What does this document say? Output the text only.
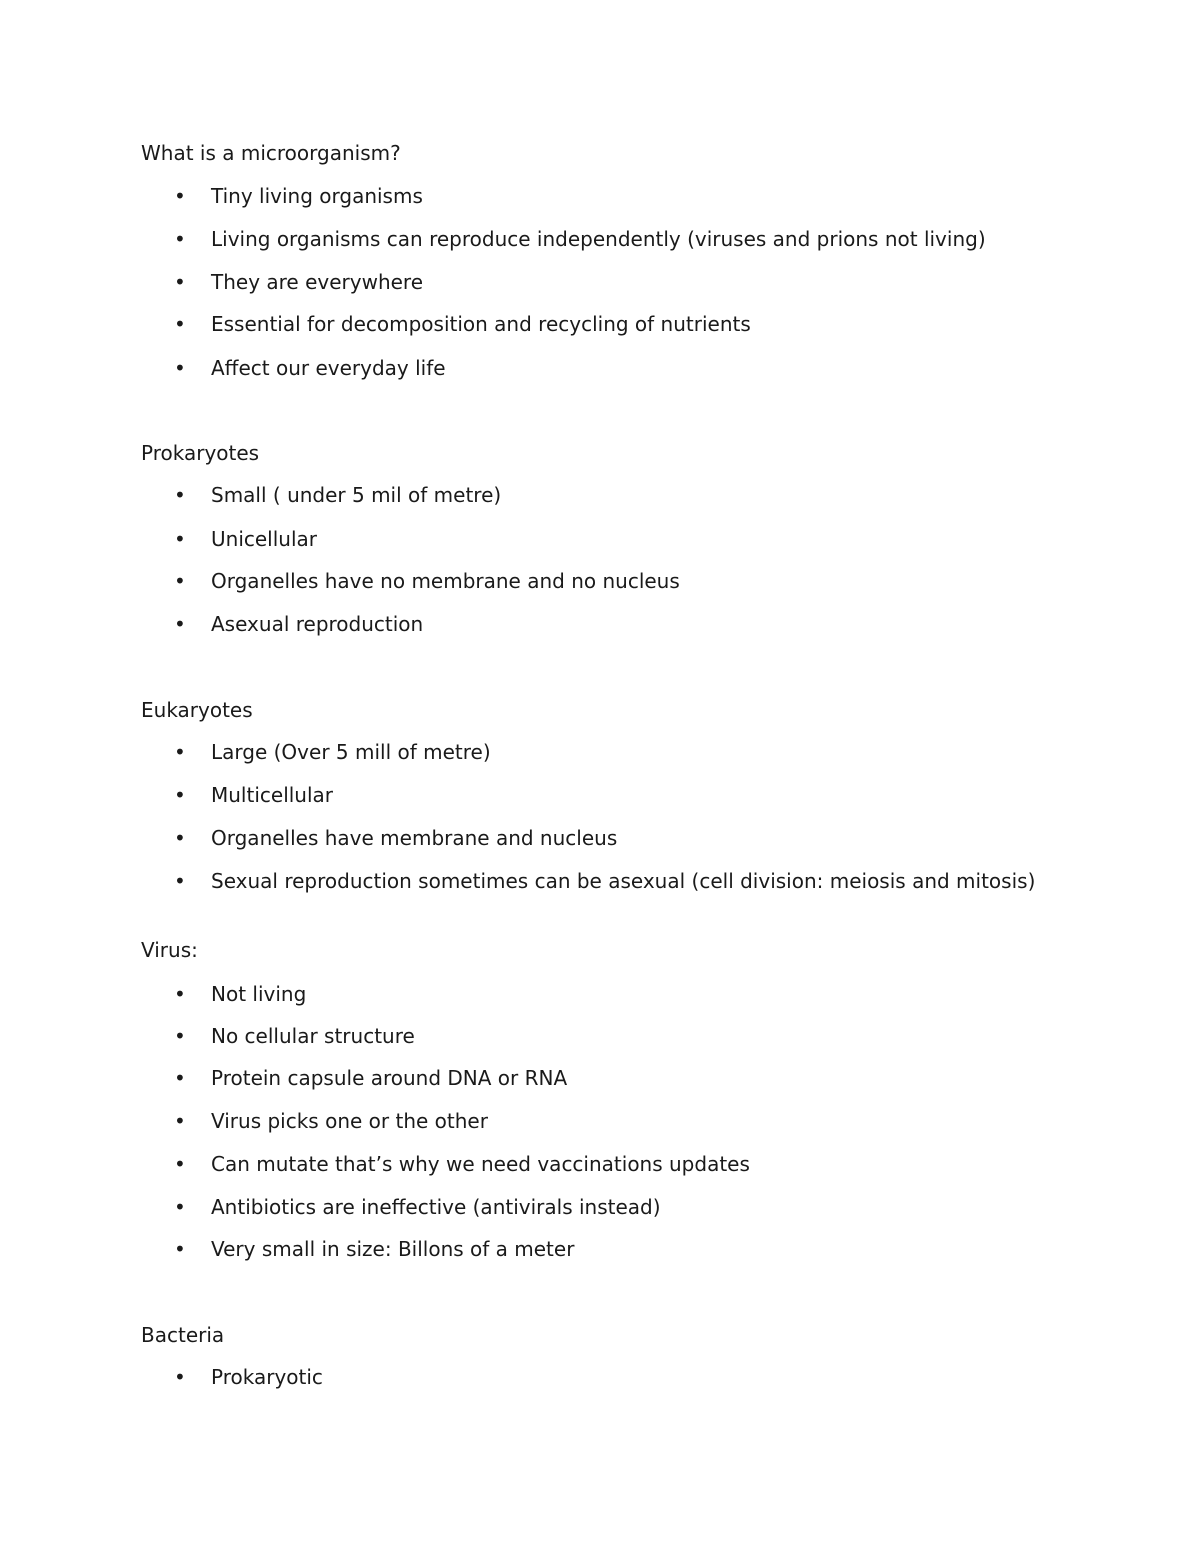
What is a microorganism?
• Tiny living organisms
• Living organisms can reproduce independently (viruses and prions not living)
• They are everywhere
• Essential for decomposition and recycling of nutrients
• Affect our everyday life
Prokaryotes
• Small ( under 5 mil of metre)
• Unicellular
• Organelles have no membrane and no nucleus
• Asexual reproduction
Eukaryotes
• Large (Over 5 mill of metre)
• Multicellular
• Organelles have membrane and nucleus
• Sexual reproduction sometimes can be asexual (cell division: meiosis and mitosis)
Virus:
• Not living
• No cellular structure
• Protein capsule around DNA or RNA
• Virus picks one or the other
• Can mutate that’s why we need vaccinations updates
• Antibiotics are ineffective (antivirals instead)
• Very small in size: Billons of a meter
Bacteria
• Prokaryotic
